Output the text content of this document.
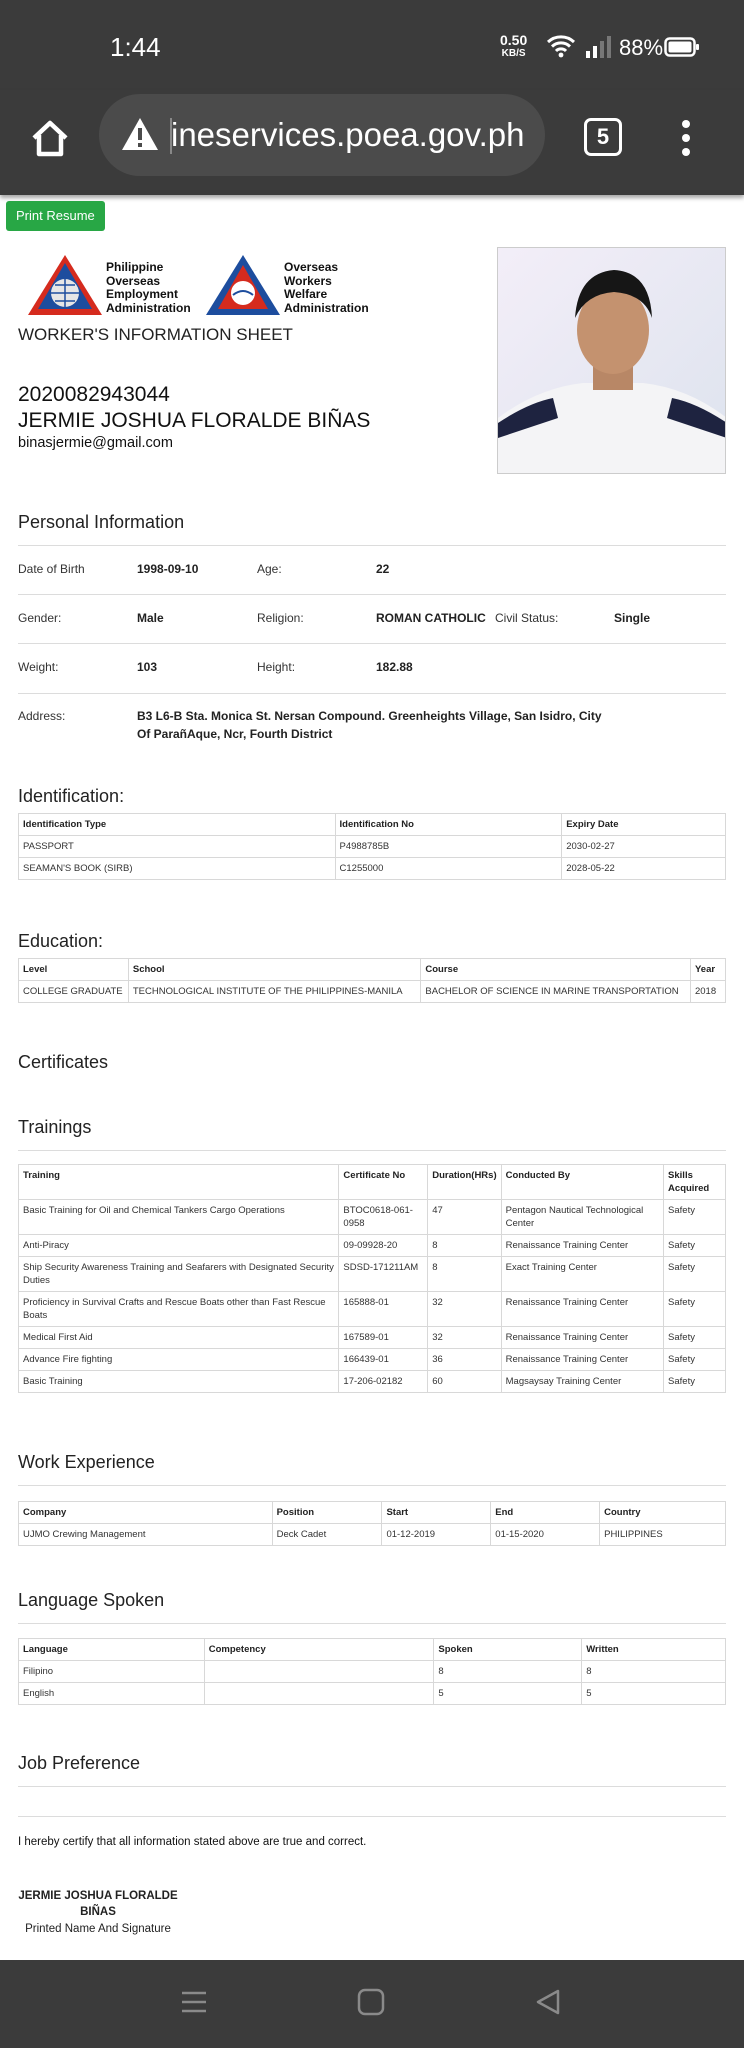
1:44	0.50
KB/S	88%
ineservices.poea.gov.ph	5
Print Resume
Philippine
Overseas
Employment
Administration
Overseas
Workers
Welfare
Administration
WORKER'S INFORMATION SHEET
2020082943044
JERMIE JOSHUA FLORALDE BIÑAS
binasjermie@gmail.com
Personal Information
Date of Birth	1998-09-10	Age:	22
Gender:	Male	Religion:	ROMAN CATHOLIC Civil Status:	Single
Weight:	103	Height:	182.88
Address:	B3 L6-B Sta. Monica St. Nersan Compound. Greenheights Village, San Isidro, City Of ParañAque, Ncr, Fourth District
Identification:
Identification Type	Identification No	Expiry Date
PASSPORT	P4988785B	2030-02-27
SEAMAN'S BOOK (SIRB)	C1255000	2028-05-22
Education:
Level	School	Course	Year
COLLEGE GRADUATE	TECHNOLOGICAL INSTITUTE OF THE PHILIPPINES-MANILA	BACHELOR OF SCIENCE IN MARINE TRANSPORTATION	2018
Certificates
Trainings
Training	Certificate No	Duration(HRs)	Conducted By	Skills Acquired
Basic Training for Oil and Chemical Tankers Cargo Operations	BTOC0618-061-0958	47	Pentagon Nautical Technological Center	Safety
Anti-Piracy	09-09928-20	8	Renaissance Training Center	Safety
Ship Security Awareness Training and Seafarers with Designated Security Duties	SDSD-171211AM	8	Exact Training Center	Safety
Proficiency in Survival Crafts and Rescue Boats other than Fast Rescue Boats	165888-01	32	Renaissance Training Center	Safety
Medical First Aid	167589-01	32	Renaissance Training Center	Safety
Advance Fire fighting	166439-01	36	Renaissance Training Center	Safety
Basic Training	17-206-02182	60	Magsaysay Training Center	Safety
Work Experience
Company	Position	Start	End	Country
UJMO Crewing Management	Deck Cadet	01-12-2019	01-15-2020	PHILIPPINES
Language Spoken
Language	Competency	Spoken	Written
Filipino		8	8
English		5	5
Job Preference
I hereby certify that all information stated above are true and correct.
JERMIE JOSHUA FLORALDE
BIÑAS
Printed Name And Signature
